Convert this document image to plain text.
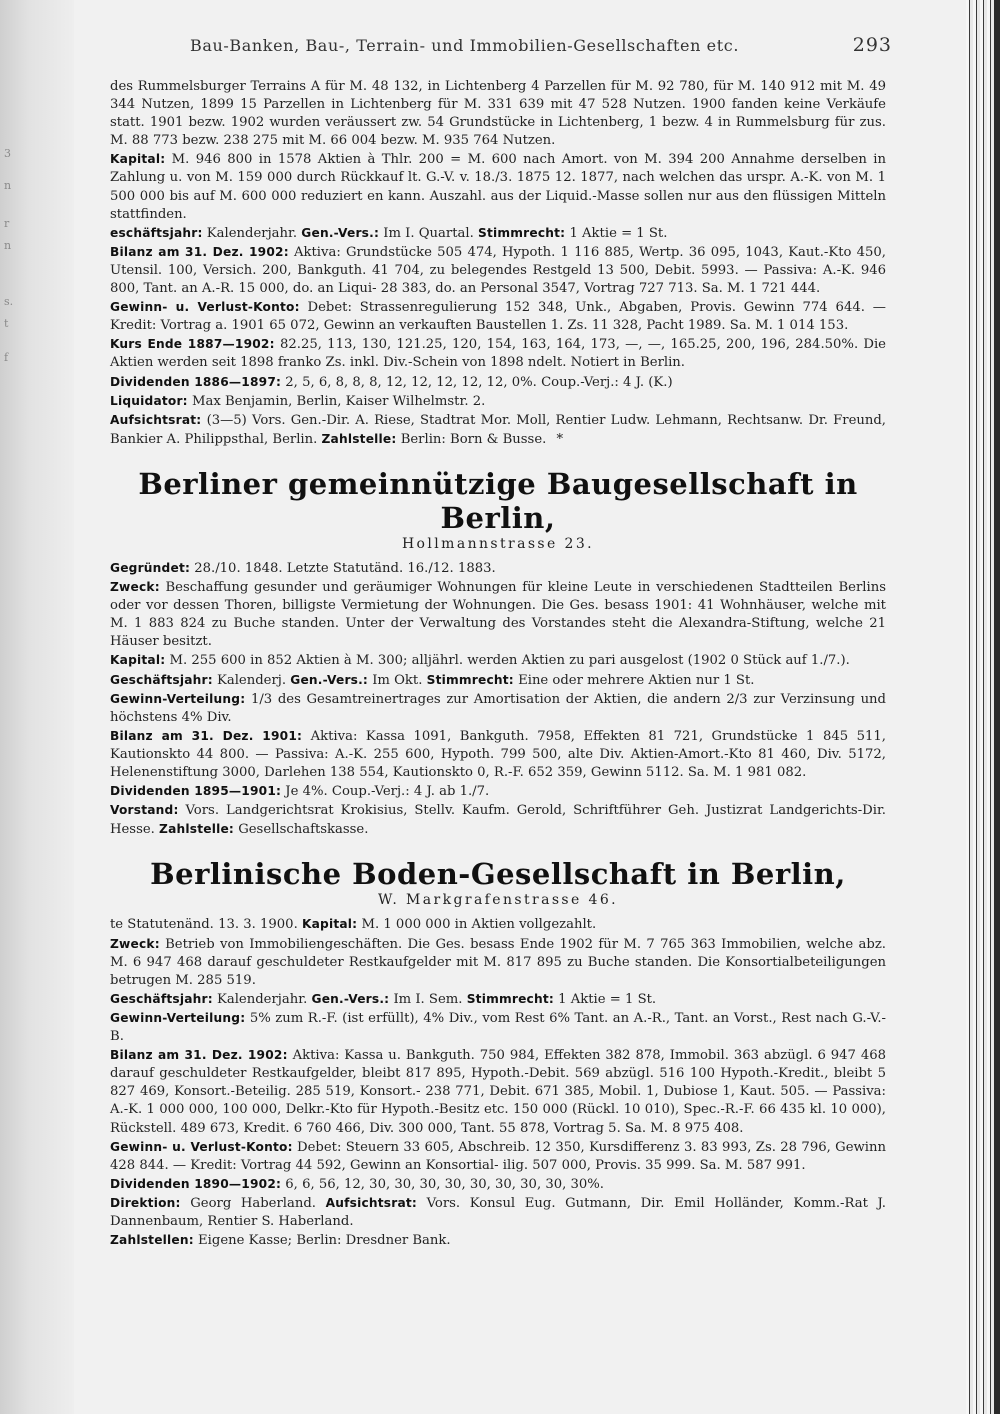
3
n
r
n
s.
t
f
Bau-Banken, Bau-, Terrain- und Immobilien-Gesellschaften etc.	293

des Rummelsburger Terrains A für M. 48 132, in Lichtenberg 4 Parzellen für M. 92 780, für M. 140 912 mit M. 49 344 Nutzen, 1899 15 Parzellen in Lichtenberg für M. 331 639 mit 47 528 Nutzen. 1900 fanden keine Verkäufe statt. 1901 bezw. 1902 wurden veräussert zw. 54 Grundstücke in Lichtenberg, 1 bezw. 4 in Rummelsburg für zus. M. 88 773 bezw. 238 275 mit M. 66 004 bezw. M. 935 764 Nutzen.

Kapital: M. 946 800 in 1578 Aktien à Thlr. 200 = M. 600 nach Amort. von M. 394 200 Annahme derselben in Zahlung u. von M. 159 000 durch Rückkauf lt. G.-V. v. 18./3. 1875 12. 1877, nach welchen das urspr. A.-K. von M. 1 500 000 bis auf M. 600 000 reduziert en kann. Auszahl. aus der Liquid.-Masse sollen nur aus den flüssigen Mitteln stattfinden.

eschäftsjahr: Kalenderjahr. Gen.-Vers.: Im I. Quartal. Stimmrecht: 1 Aktie = 1 St.

Bilanz am 31. Dez. 1902: Aktiva: Grundstücke 505 474, Hypoth. 1 116 885, Wertp. 36 095, 1043, Kaut.-Kto 450, Utensil. 100, Versich. 200, Bankguth. 41 704, zu belegendes Restgeld 13 500, Debit. 5993. — Passiva: A.-K. 946 800, Tant. an A.-R. 15 000, do. an Liqui- 28 383, do. an Personal 3547, Vortrag 727 713. Sa. M. 1 721 444.

Gewinn- u. Verlust-Konto: Debet: Strassenregulierung 152 348, Unk., Abgaben, Provis. Gewinn 774 644. — Kredit: Vortrag a. 1901 65 072, Gewinn an verkauften Baustellen 1. Zs. 11 328, Pacht 1989. Sa. M. 1 014 153.

Kurs Ende 1887—1902: 82.25, 113, 130, 121.25, 120, 154, 163, 164, 173, —, —, 165.25, 200, 196, 284.50%. Die Aktien werden seit 1898 franko Zs. inkl. Div.-Schein von 1898 ndelt. Notiert in Berlin.

Dividenden 1886—1897: 2, 5, 6, 8, 8, 8, 12, 12, 12, 12, 12, 0%. Coup.-Verj.: 4 J. (K.)

Liquidator: Max Benjamin, Berlin, Kaiser Wilhelmstr. 2.

Aufsichtsrat: (3—5) Vors. Gen.-Dir. A. Riese, Stadtrat Mor. Moll, Rentier Ludw. Lehmann, Rechtsanw. Dr. Freund, Bankier A. Philippsthal, Berlin. Zahlstelle: Berlin: Born & Busse. *

Berliner gemeinnützige Baugesellschaft in Berlin,
Hollmannstrasse 23.

Gegründet: 28./10. 1848. Letzte Statutänd. 16./12. 1883.

Zweck: Beschaffung gesunder und geräumiger Wohnungen für kleine Leute in verschiedenen Stadtteilen Berlins oder vor dessen Thoren, billigste Vermietung der Wohnungen. Die Ges. besass 1901: 41 Wohnhäuser, welche mit M. 1 883 824 zu Buche standen. Unter der Verwaltung des Vorstandes steht die Alexandra-Stiftung, welche 21 Häuser besitzt.

Kapital: M. 255 600 in 852 Aktien à M. 300; alljährl. werden Aktien zu pari ausgelost (1902 0 Stück auf 1./7.).

Geschäftsjahr: Kalenderj. Gen.-Vers.: Im Okt. Stimmrecht: Eine oder mehrere Aktien nur 1 St.

Gewinn-Verteilung: 1/3 des Gesamtreinertrages zur Amortisation der Aktien, die andern 2/3 zur Verzinsung und höchstens 4% Div.

Bilanz am 31. Dez. 1901: Aktiva: Kassa 1091, Bankguth. 7958, Effekten 81 721, Grundstücke 1 845 511, Kautionskto 44 800. — Passiva: A.-K. 255 600, Hypoth. 799 500, alte Div. Aktien-Amort.-Kto 81 460, Div. 5172, Helenenstiftung 3000, Darlehen 138 554, Kautionskto 0, R.-F. 652 359, Gewinn 5112. Sa. M. 1 981 082.

Dividenden 1895—1901: Je 4%. Coup.-Verj.: 4 J. ab 1./7.

Vorstand: Vors. Landgerichtsrat Krokisius, Stellv. Kaufm. Gerold, Schriftführer Geh. Justizrat Landgerichts-Dir. Hesse. Zahlstelle: Gesellschaftskasse.

Berlinische Boden-Gesellschaft in Berlin,
W. Markgrafenstrasse 46.

te Statutenänd. 13. 3. 1900. Kapital: M. 1 000 000 in Aktien vollgezahlt.

Zweck: Betrieb von Immobiliengeschäften. Die Ges. besass Ende 1902 für M. 7 765 363 Immobilien, welche abz. M. 6 947 468 darauf geschuldeter Restkaufgelder mit M. 817 895 zu Buche standen. Die Konsortialbeteiligungen betrugen M. 285 519.

Geschäftsjahr: Kalenderjahr. Gen.-Vers.: Im I. Sem. Stimmrecht: 1 Aktie = 1 St.

Gewinn-Verteilung: 5% zum R.-F. (ist erfüllt), 4% Div., vom Rest 6% Tant. an A.-R., Tant. an Vorst., Rest nach G.-V.-B.

Bilanz am 31. Dez. 1902: Aktiva: Kassa u. Bankguth. 750 984, Effekten 382 878, Immobil. 363 abzügl. 6 947 468 darauf geschuldeter Restkaufgelder, bleibt 817 895, Hypoth.-Debit. 569 abzügl. 516 100 Hypoth.-Kredit., bleibt 5 827 469, Konsort.-Beteilig. 285 519, Konsort.- 238 771, Debit. 671 385, Mobil. 1, Dubiose 1, Kaut. 505. — Passiva: A.-K. 1 000 000, 100 000, Delkr.-Kto für Hypoth.-Besitz etc. 150 000 (Rückl. 10 010), Spec.-R.-F. 66 435 kl. 10 000), Rückstell. 489 673, Kredit. 6 760 466, Div. 300 000, Tant. 55 878, Vortrag 5. Sa. M. 8 975 408.

Gewinn- u. Verlust-Konto: Debet: Steuern 33 605, Abschreib. 12 350, Kursdifferenz 3. 83 993, Zs. 28 796, Gewinn 428 844. — Kredit: Vortrag 44 592, Gewinn an Konsortial- ilig. 507 000, Provis. 35 999. Sa. M. 587 991.

Dividenden 1890—1902: 6, 6, 56, 12, 30, 30, 30, 30, 30, 30, 30, 30, 30%.

Direktion: Georg Haberland. Aufsichtsrat: Vors. Konsul Eug. Gutmann, Dir. Emil Holländer, Komm.-Rat J. Dannenbaum, Rentier S. Haberland.

Zahlstellen: Eigene Kasse; Berlin: Dresdner Bank.
